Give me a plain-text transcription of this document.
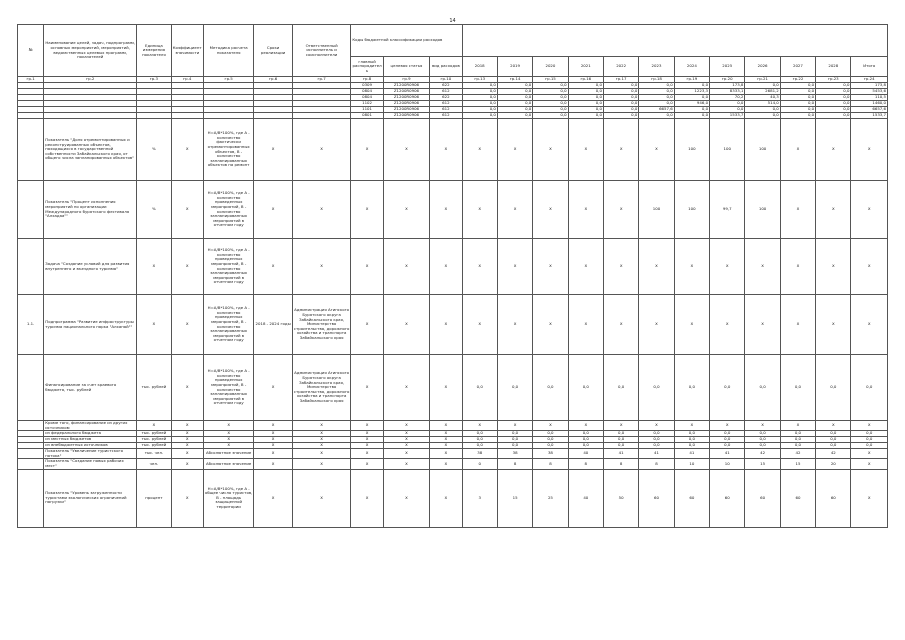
14
№	Наименование целей, задач, подпрограмм, основных мероприятий, мероприятий, ведомственных целевых программ, показателей	Единица измерения показателя	Коэффициент значимости	Методика расчета показателя	Сроки реализации	Ответственный исполнитель и соисполнители	Коды бюджетной классификации расходов														
							главный распорядитель	целевая статья	вид расходов	2018	2019	2020	2021	2022	2023	2024	2025	2026	2027	2028	Итого
гр.1	гр.2	гр.3	гр.4	гр.5	гр.6	гр.7	гр.8	гр.9	гр.10	гр.13	гр.14	гр.15	гр.16	гр.17	гр.18	гр.19	гр.20	гр.21	гр.22	гр.23	гр.24
							0309	Z1200R0906	622	0,0	0,0	0,0	0,0	0,0	0,0	0,0	173,8	0,0	0,0	0,0	173,8
							0804	Z1200R0906	612	0,0	0,0	0,0	0,0	0,0	0,0	1223,3	8333,1	2681,2	0,0	0,0	5453,6
							0804	Z1200R0906	622	0,0	0,0	0,0	0,0	0,0	0,0	0,0	70,2	40,3	0,0	0,0	110,5
							1102	Z1200R0906	612	0,0	0,0	0,0	0,0	0,0	0,0	946,0	0,0	514,0	0,0	0,0	1460,0
							1101	Z1200R0906	612	0,0	0,0	0,0	0,0	0,0	6657,6	0,0	0,0	0,0	0,0	0,0	6657,6
							0801	Z1200R0906	612	0,0	0,0	0,0	0,0	0,0	0,0	0,0	1533,7	0,0	0,0	0,0	1533,7
	Показатель "Доля отремонтированных и реконструированных объектов, находящихся в государственной собственности Забайкальского края, от общего числа запланированных объектов"	%	Х	Н=А/В*100%, где А - количество фактически отремонтированных объектов, В - количество запланированных объектов на ремонт	Х	Х	Х	Х	Х	Х	Х	Х	Х	Х	Х	100	100	100	Х	Х	Х
	Показатель "Процент исполнения мероприятий по организации Международного бурятского фестиваля "Алхадаа""	%	Х	Н=А/В*100%, где А - количество проведенных мероприятий, В - количество запланированных мероприятий в отчетном году	Х	Х	Х	Х	Х	Х	Х	Х	Х	Х	100	100	99,7	100	Х	Х	Х
	Задача "Создание условий для развития внутреннего и въездного туризма"	Х	Х	Н=А/В*100%, где А - количество проведенных мероприятий, В - количество запланированных мероприятий в отчетном году	Х	Х	Х	Х	Х	Х	Х	Х	Х	Х	Х	Х	Х	Х	Х	Х	Х
1.1.	Подпрограмма "Развитие инфраструктуры туризма национального парка "Алханай""	Х	Х	Н=А/В*100%, где А - количество проведенных мероприятий, В - количество запланированных мероприятий в отчетном году	2018 - 2024 годы	Администрация Агинского Бурятского округа Забайкальского края, Министерство строительства, дорожного хозяйства и транспорта Забайкальского края	Х	Х	Х	Х	Х	Х	Х	Х	Х	Х	Х	Х	Х	Х	Х
	Финансирование за счет краевого бюджета, тыс. рублей	тыс. рублей	Х	Н=А/В*100%, где А - количество проведенных мероприятий, В - количество запланированных мероприятий в отчетном году	Х	Администрация Агинского Бурятского округа Забайкальского края, Министерство строительства, дорожного хозяйства и транспорта Забайкальского края	Х	Х	Х	0,0	0,0	0,0	0,0	0,0	0,0	0,0	0,0	0,0	0,0	0,0	0,0
	Кроме того, финансирование из других источников:	Х	Х	Х	Х	Х	Х	Х	Х	Х	Х	Х	Х	Х	Х	Х	Х	Х	Х	Х	Х
	из федерального бюджета	тыс. рублей	Х	Х	Х	Х	Х	Х	Х	0,0	0,0	0,0	0,0	0,0	0,0	0,0	0,0	0,0	0,0	0,0	0,0
	из местных бюджетов	тыс. рублей	Х	Х	Х	Х	Х	Х	Х	0,0	0,0	0,0	0,0	0,0	0,0	0,0	0,0	0,0	0,0	0,0	0,0
	из внебюджетных источников	тыс. рублей	Х	Х	Х	Х	Х	Х	Х	0,0	0,0	0,0	0,0	0,0	0,0	0,0	0,0	0,0	0,0	0,0	0,0
	Показатель "Увеличение туристского потока"	тыс. чел.	Х	Абсолютное значение	Х	Х	Х	Х	Х	38	38	38	40	41	41	41	41	42	42	42	Х
	Показатель "Создание новых рабочих мест"	чел.	Х	Абсолютное значение	Х	Х	Х	Х	Х	0	8	8	8	8	8	10	10	15	15	20	Х
	Показатель "Уровень загруженности туристами экологических ограничений нагрузки"	процент	Х	Н=А/В*100%, где А - общее число туристов, В - площадь защищенной территории	Х	Х	Х	Х	Х	3	15	25	40	50	60	60	60	60	60	60	Х
